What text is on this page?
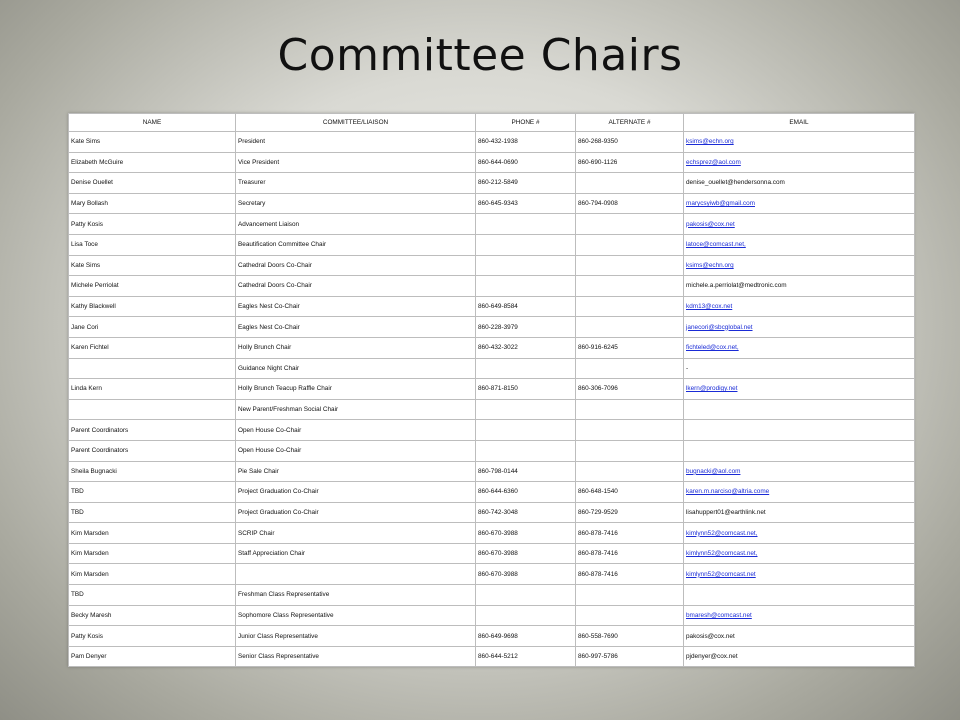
Committee Chairs
NAME	COMMITTEE/LIAISON	PHONE #	ALTERNATE #	EMAIL
Kate Sims	President	860-432-1938	860-268-9350	ksims@echn.org
Elizabeth McGuire	Vice President	860-644-0690	860-690-1126	echsprez@aol.com
Denise Ouellet	Treasurer	860-212-5849		denise_ouellet@hendersonna.com
Mary Bollash	Secretary	860-645-9343	860-794-0908	marycsyiwb@gmail.com
Patty Kosis	Advancement Liaison			pakosis@cox.net
Lisa Toce	Beautification Committee Chair			latoce@comcast.net,
Kate Sims	Cathedral Doors Co-Chair			ksims@echn.org
Michele Perriolat	Cathedral Doors Co-Chair			michele.a.perriolat@medtronic.com
Kathy Blackwell	Eagles Nest Co-Chair	860-649-8584		kdm13@cox.net
Jane Cori	Eagles Nest Co-Chair	860-228-3979		janecori@sbcglobal.net
Karen Fichtel	Holly Brunch Chair	860-432-3022	860-916-6245	fichteled@cox.net,
	Guidance Night Chair			-
Linda Kern	Holly Brunch Teacup Raffle Chair	860-871-8150	860-306-7096	lkern@prodigy.net
	New Parent/Freshman Social Chair			
Parent Coordinators	Open House Co-Chair			
Parent Coordinators	Open House Co-Chair			
Sheila Bugnacki	Pie Sale Chair	860-798-0144		bugnacki@aol.com
TBD	Project Graduation Co-Chair	860-644-6360	860-648-1540	karen.m.narciso@altria.come
TBD	Project Graduation Co-Chair	860-742-3048	860-729-9529	lisahuppert01@earthlink.net
Kim Marsden	SCRIP Chair	860-670-3988	860-878-7416	kimlynn52@comcast.net,
Kim Marsden	Staff Appreciation Chair	860-670-3988	860-878-7416	kimlynn52@comcast.net,
Kim Marsden		860-670-3988	860-878-7416	kimlynn52@comcast.net
TBD	Freshman Class Representative			
Becky Maresh	Sophomore Class Representative			bmaresh@comcast.net
Patty Kosis	Junior Class Representative	860-649-9698	860-558-7690	pakosis@cox.net
Pam Denyer	Senior Class Representative	860-644-5212	860-997-5786	pjdenyer@cox.net
